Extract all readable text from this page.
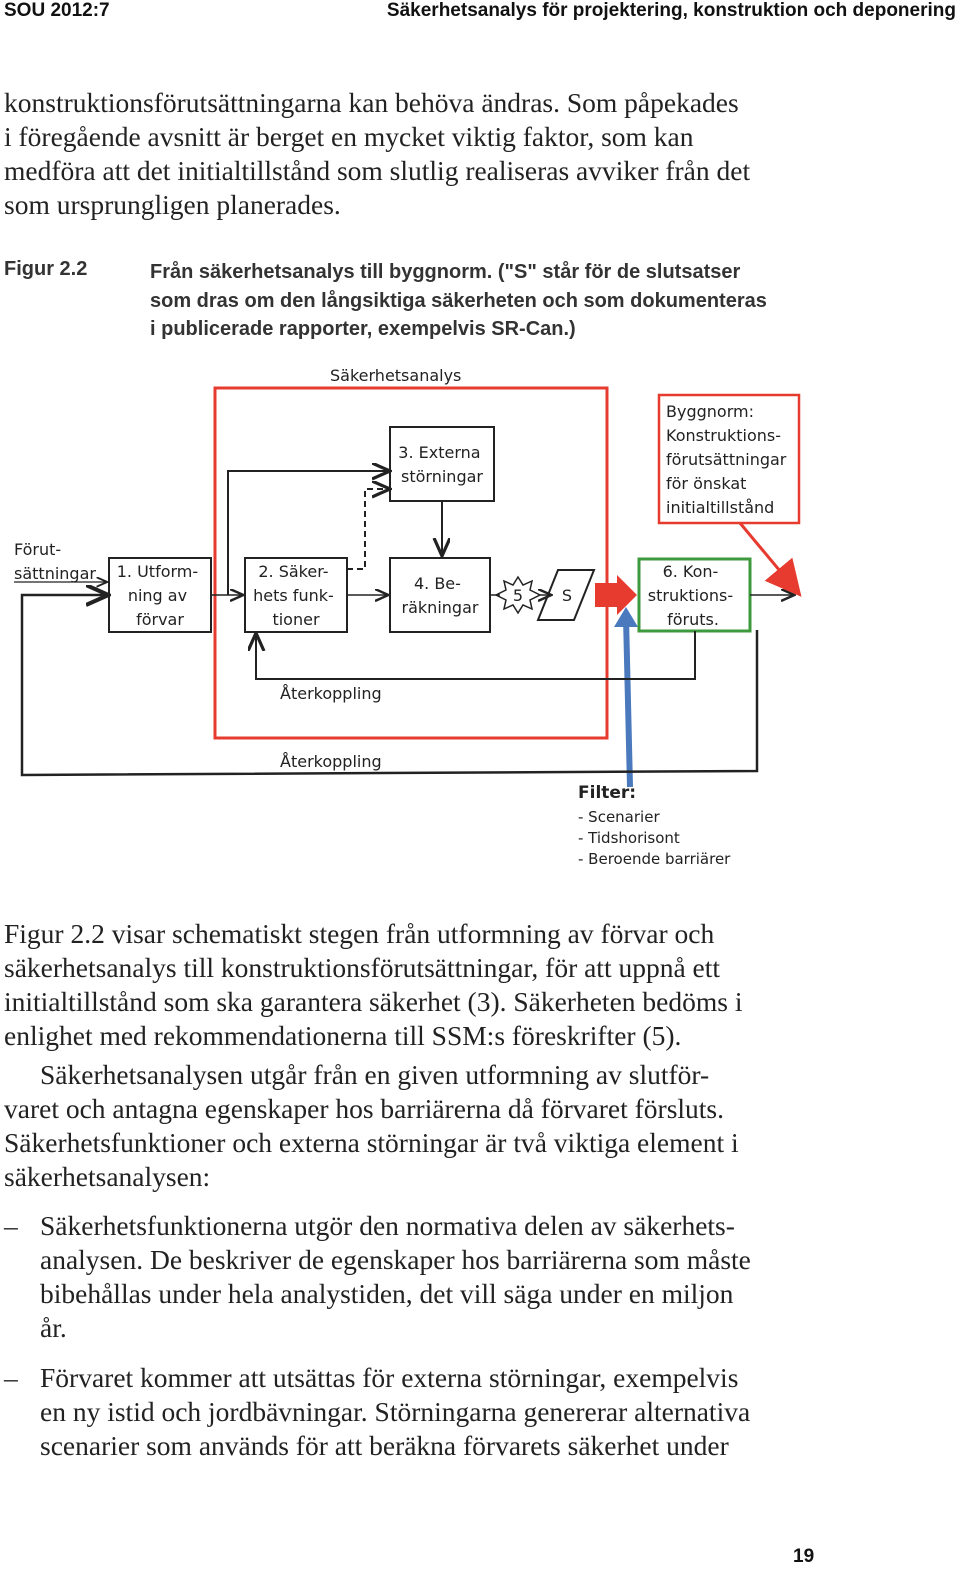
SOU 2012:7	Säkerhetsanalys för projektering, konstruktion och deponering
konstruktionsförutsättningarna kan behöva ändras. Som påpekades
i föregående avsnitt är berget en mycket viktig faktor, som kan
medföra att det initialtillstånd som slutlig realiseras avviker från det
som ursprungligen planerades.
Figur 2.2	Från säkerhetsanalys till byggnorm. ("S" står för de slutsatser
som dras om den långsiktiga säkerheten och som dokumenteras
i publicerade rapporter, exempelvis SR-Can.)
Säkerhetsanalys
Byggnorm: Konstruktions- förutsättningar för önskat initialtillstånd
3. Externa störningar
Förut- sättningar 1. Utform- ning av förvar
2. Säker- hets funk- tioner
4. Be- räkningar
5 S
6. Kon- struktions- föruts.
Återkoppling
Återkoppling
Filter:
- Scenarier - Tidshorisont - Beroende barriärer
Figur 2.2 visar schematiskt stegen från utformning av förvar och
säkerhetsanalys till konstruktionsförutsättningar, för att uppnå ett
initialtillstånd som ska garantera säkerhet (3). Säkerheten bedöms i
enlighet med rekommendationerna till SSM:s föreskrifter (5).
Säkerhetsanalysen utgår från en given utformning av slutför-
varet och antagna egenskaper hos barriärerna då förvaret försluts.
Säkerhetsfunktioner och externa störningar är två viktiga element i
säkerhetsanalysen:
– Säkerhetsfunktionerna utgör den normativa delen av säkerhets-
analysen. De beskriver de egenskaper hos barriärerna som måste
bibehållas under hela analystiden, det vill säga under en miljon
år.
– Förvaret kommer att utsättas för externa störningar, exempelvis
en ny istid och jordbävningar. Störningarna genererar alternativa
scenarier som används för att beräkna förvarets säkerhet under
19
